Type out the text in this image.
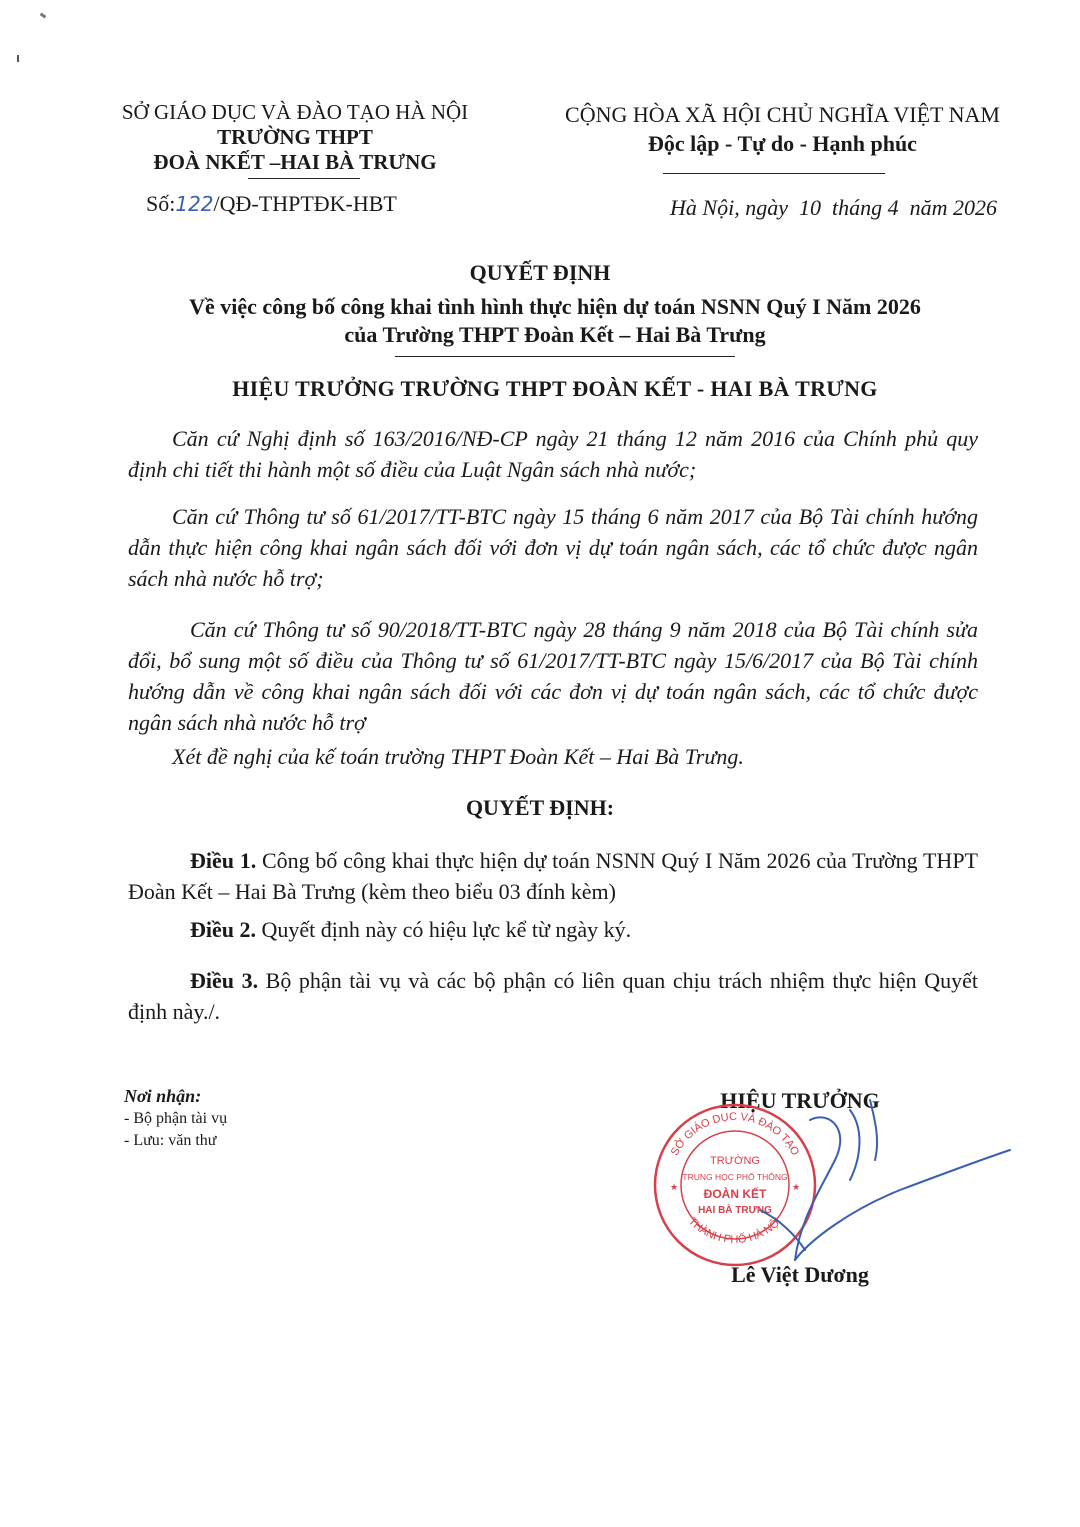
SỞ GIÁO DỤC VÀ ĐÀO TẠO HÀ NỘI
TRƯỜNG THPT
ĐOÀ NKẾT –HAI BÀ TRƯNG
Số:122/QĐ-THPTĐK-HBT
CỘNG HÒA XÃ HỘI CHỦ NGHĨA VIỆT NAM
Độc lập - Tự do - Hạnh phúc
Hà Nội, ngày  10  tháng 4  năm 2026
QUYẾT ĐỊNH
Về việc công bố công khai tình hình thực hiện dự toán NSNN Quý I Năm 2026
của Trường THPT Đoàn Kết – Hai Bà Trưng
HIỆU TRƯỞNG TRƯỜNG THPT ĐOÀN KẾT - HAI BÀ TRƯNG
Căn cứ Nghị định số 163/2016/NĐ-CP ngày 21 tháng 12 năm 2016 của Chính phủ quy định chi tiết thi hành một số điều của Luật Ngân sách nhà nước;
Căn cứ Thông tư số 61/2017/TT-BTC ngày 15 tháng 6 năm 2017 của Bộ Tài chính hướng dẫn thực hiện công khai ngân sách đối với đơn vị dự toán ngân sách, các tổ chức được ngân sách nhà nước hỗ trợ;
Căn cứ Thông tư số 90/2018/TT-BTC ngày 28 tháng 9 năm 2018 của Bộ Tài chính sửa đổi, bổ sung một số điều của Thông tư số 61/2017/TT-BTC ngày 15/6/2017 của Bộ Tài chính hướng dẫn về công khai ngân sách đối với các đơn vị dự toán ngân sách, các tổ chức được ngân sách nhà nước hỗ trợ
Xét đề nghị của kế toán trường THPT Đoàn Kết – Hai Bà Trưng.
QUYẾT ĐỊNH:
Điều 1. Công bố công khai thực hiện dự toán NSNN Quý I Năm 2026 của Trường THPT Đoàn Kết – Hai Bà Trưng (kèm theo biểu 03 đính kèm)
Điều 2. Quyết định này có hiệu lực kể từ ngày ký.
Điều 3. Bộ phận tài vụ và các bộ phận có liên quan chịu trách nhiệm thực hiện Quyết định này./.
Nơi nhận:
- Bộ phận tài vụ
- Lưu: văn thư
HIỆU TRƯỞNG
SỞ GIÁO DỤC VÀ ĐÀO TẠO
THÀNH PHỐ HÀ NỘI
TRƯỜNG
TRUNG HỌC PHỔ THÔNG
ĐOÀN KẾT
HAI BÀ TRƯNG
★	★
Lê Việt Dương
